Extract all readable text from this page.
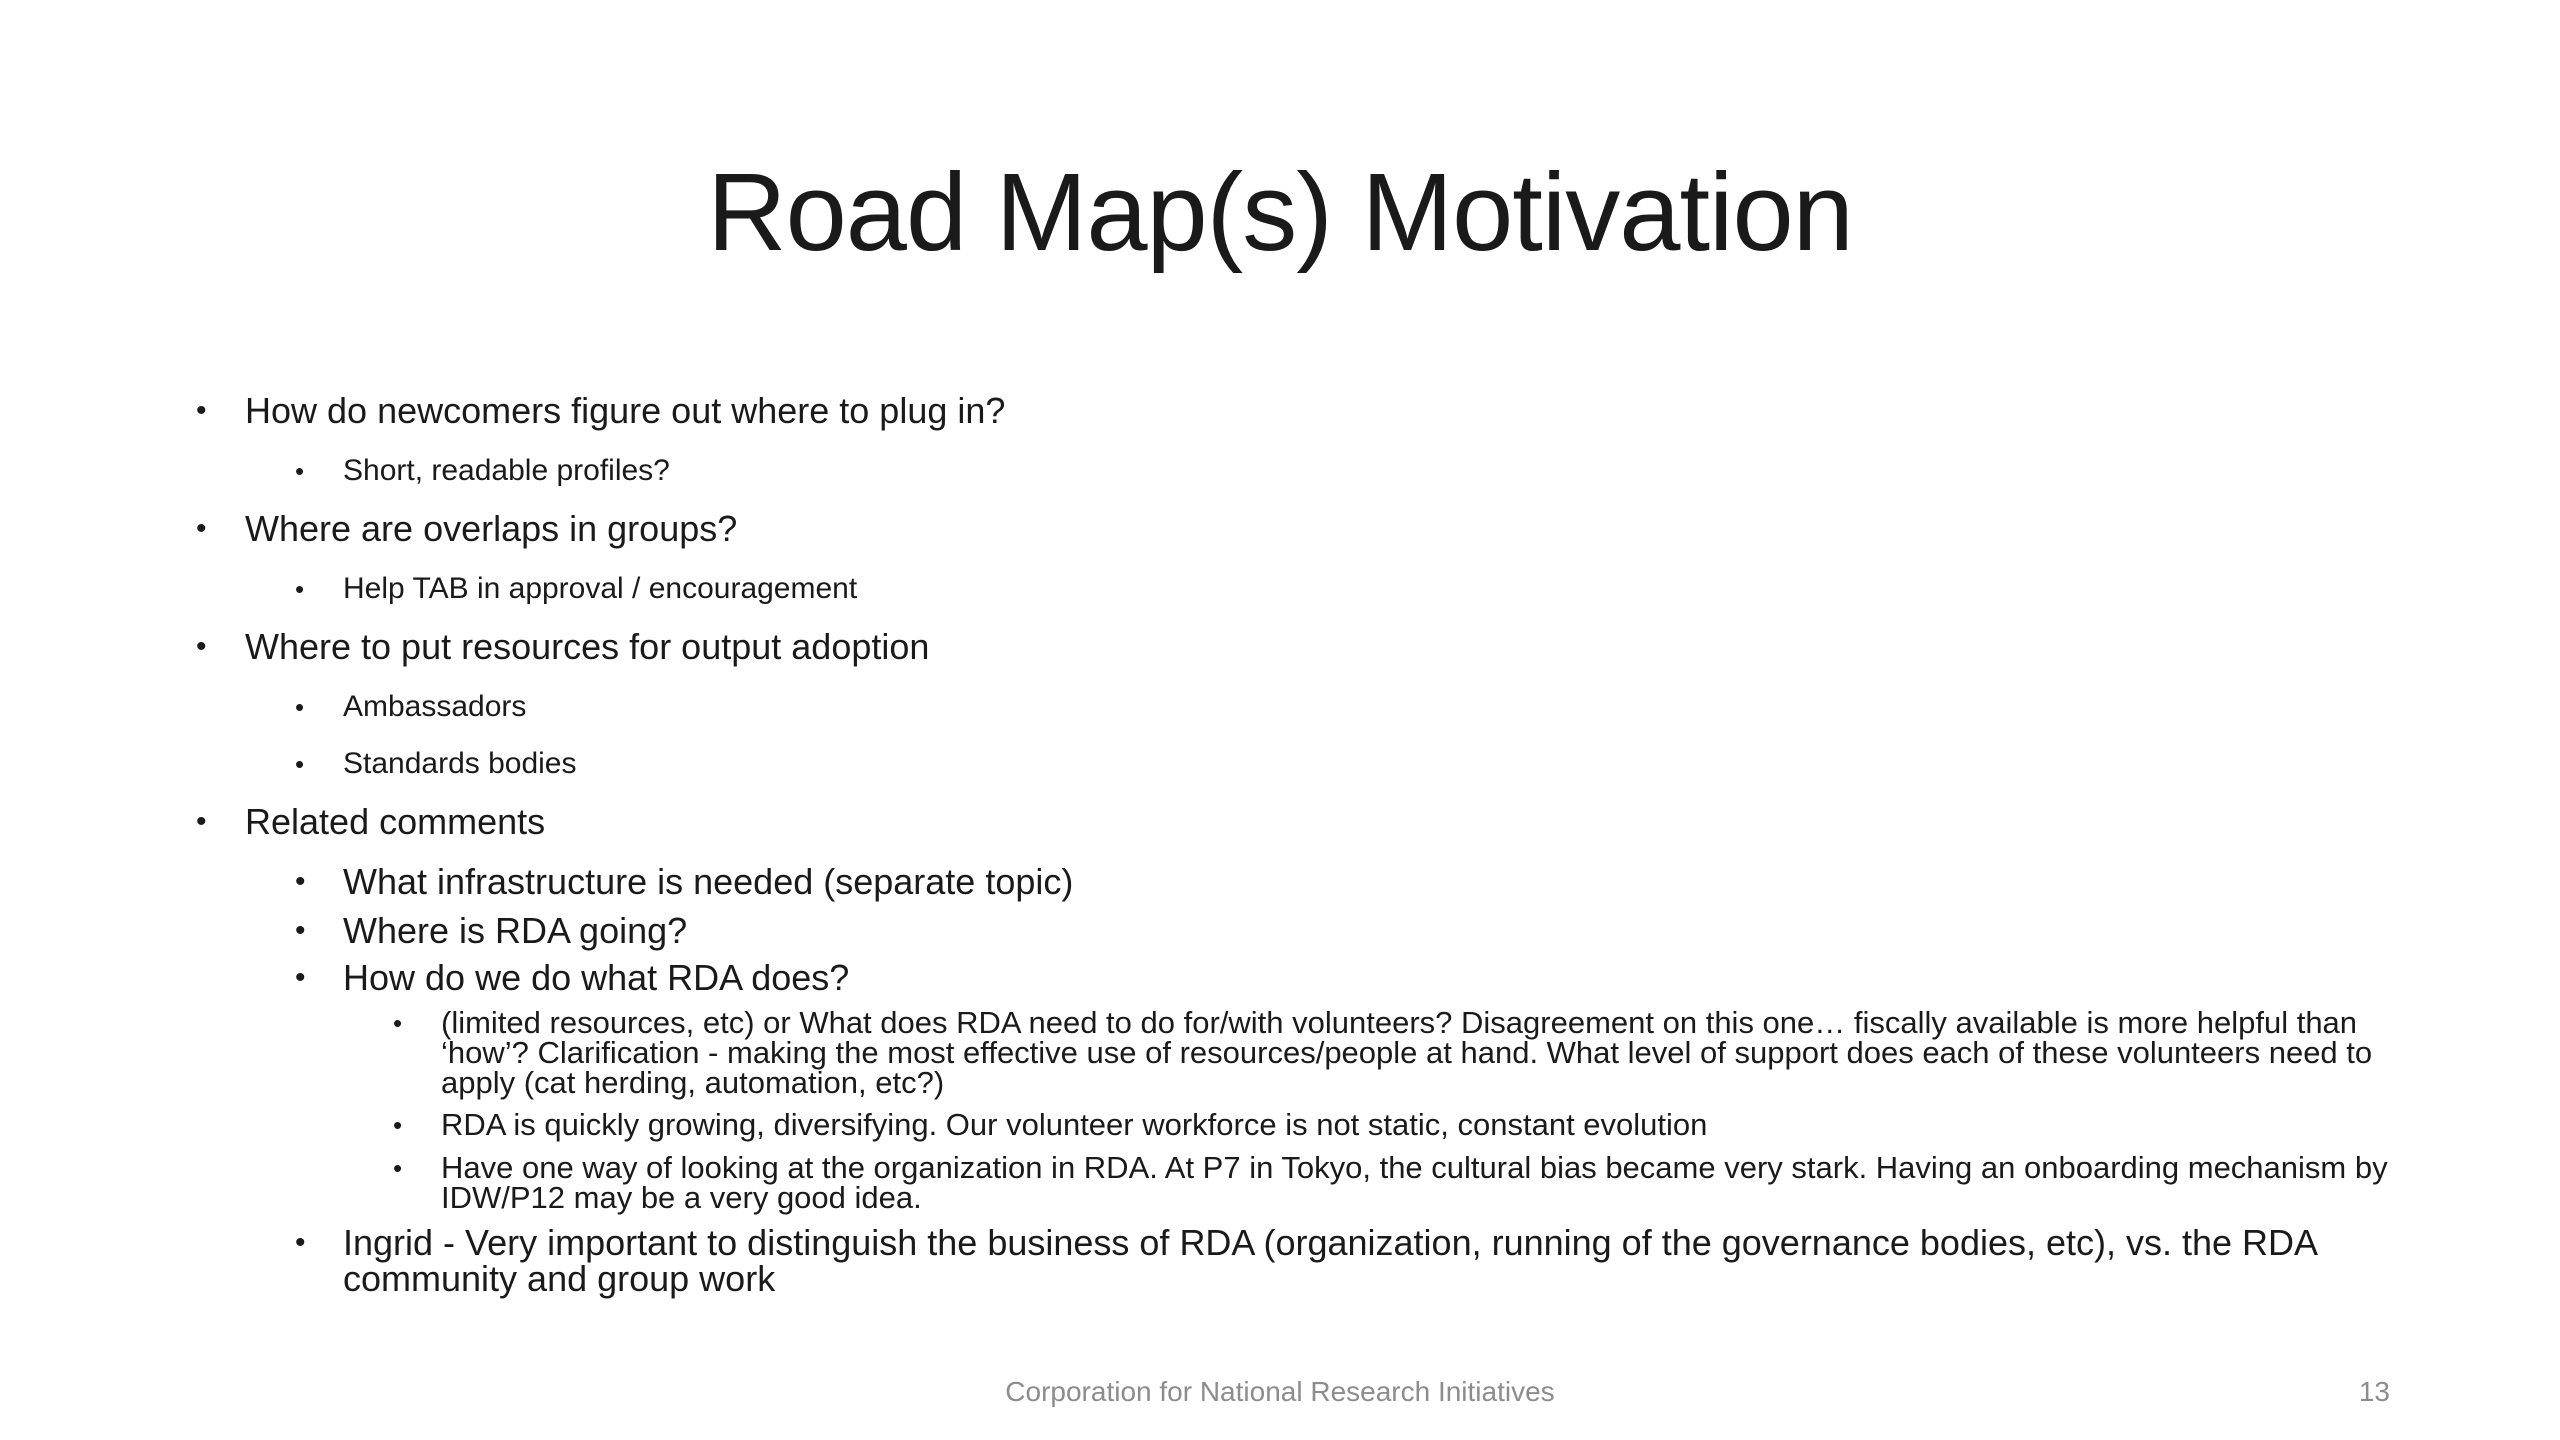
Road Map(s) Motivation
• How do newcomers figure out where to plug in?
• Short, readable profiles?
• Where are overlaps in groups?
• Help TAB in approval / encouragement
• Where to put resources for output adoption
• Ambassadors
• Standards bodies
• Related comments
• What infrastructure is needed (separate topic)
• Where is RDA going?
• How do we do what RDA does?
• (limited resources, etc) or What does RDA need to do for/with volunteers? Disagreement on this one… fiscally available is more helpful than ‘how’? Clarification - making the most effective use of resources/people at hand. What level of support does each of these volunteers need to apply (cat herding, automation, etc?)
• RDA is quickly growing, diversifying. Our volunteer workforce is not static, constant evolution
• Have one way of looking at the organization in RDA. At P7 in Tokyo, the cultural bias became very stark. Having an onboarding mechanism by IDW/P12 may be a very good idea.
• Ingrid - Very important to distinguish the business of RDA (organization, running of the governance bodies, etc), vs. the RDA community and group work
Corporation for National Research Initiatives	13
